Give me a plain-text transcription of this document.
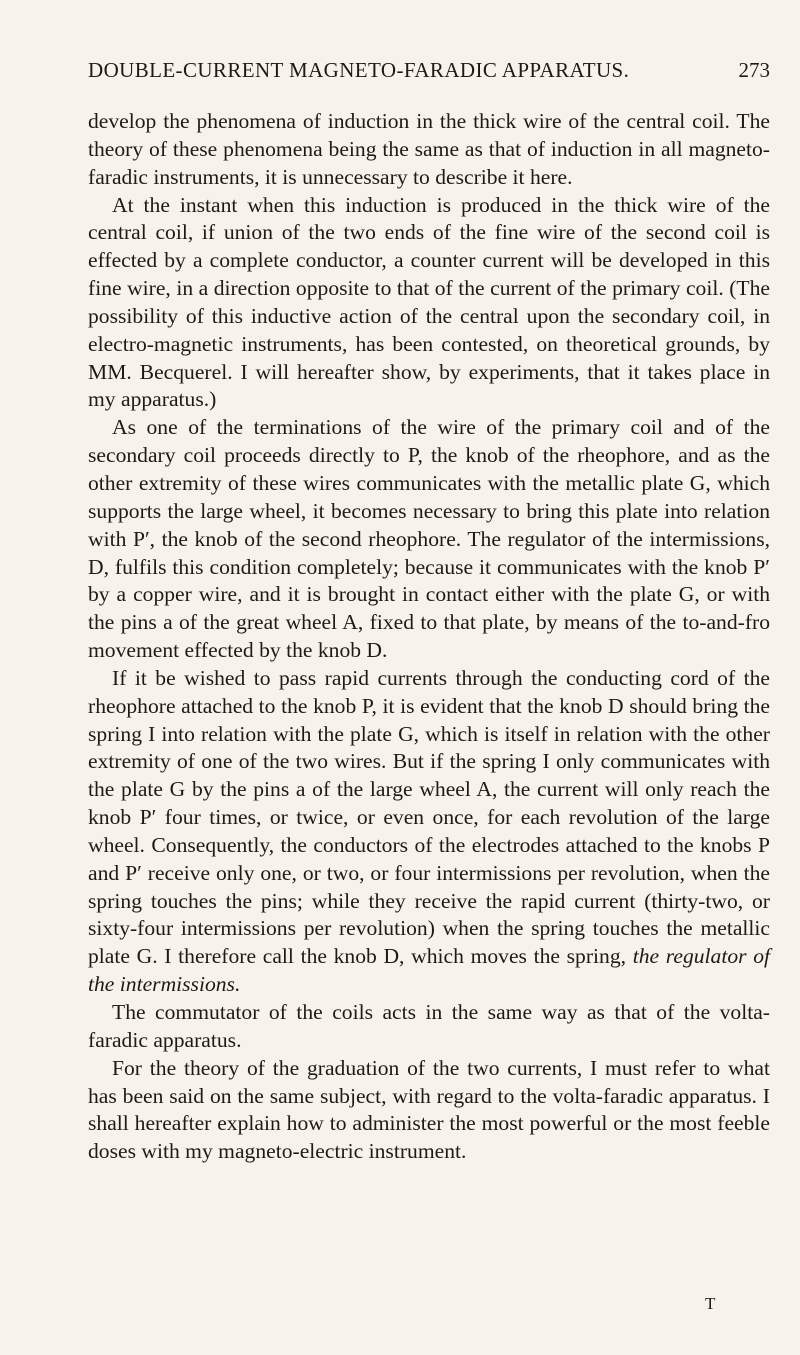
DOUBLE-CURRENT MAGNETO-FARADIC APPARATUS.	273

develop the phenomena of induction in the thick wire of the central coil. The theory of these phenomena being the same as that of induction in all magneto-faradic instruments, it is unnecessary to describe it here.

At the instant when this induction is produced in the thick wire of the central coil, if union of the two ends of the fine wire of the second coil is effected by a complete conductor, a counter current will be developed in this fine wire, in a direction opposite to that of the current of the primary coil. (The possibility of this inductive action of the central upon the secondary coil, in electro-magnetic instruments, has been contested, on theoretical grounds, by MM. Becquerel. I will hereafter show, by experiments, that it takes place in my apparatus.)

As one of the terminations of the wire of the primary coil and of the secondary coil proceeds directly to P, the knob of the rheophore, and as the other extremity of these wires communicates with the metallic plate G, which supports the large wheel, it becomes necessary to bring this plate into relation with P′, the knob of the second rheophore. The regulator of the intermissions, D, fulfils this condition completely; because it communicates with the knob P′ by a copper wire, and it is brought in contact either with the plate G, or with the pins a of the great wheel A, fixed to that plate, by means of the to-and-fro movement effected by the knob D.

If it be wished to pass rapid currents through the conducting cord of the rheophore attached to the knob P, it is evident that the knob D should bring the spring I into relation with the plate G, which is itself in relation with the other extremity of one of the two wires. But if the spring I only communicates with the plate G by the pins a of the large wheel A, the current will only reach the knob P′ four times, or twice, or even once, for each revolution of the large wheel. Consequently, the conductors of the electrodes attached to the knobs P and P′ receive only one, or two, or four intermissions per revolution, when the spring touches the pins; while they receive the rapid current (thirty-two, or sixty-four intermissions per revolution) when the spring touches the metallic plate G. I therefore call the knob D, which moves the spring, the regulator of the intermissions.

The commutator of the coils acts in the same way as that of the volta-faradic apparatus.

For the theory of the graduation of the two currents, I must refer to what has been said on the same subject, with regard to the volta-faradic apparatus. I shall hereafter explain how to administer the most powerful or the most feeble doses with my magneto-electric instrument.

T
